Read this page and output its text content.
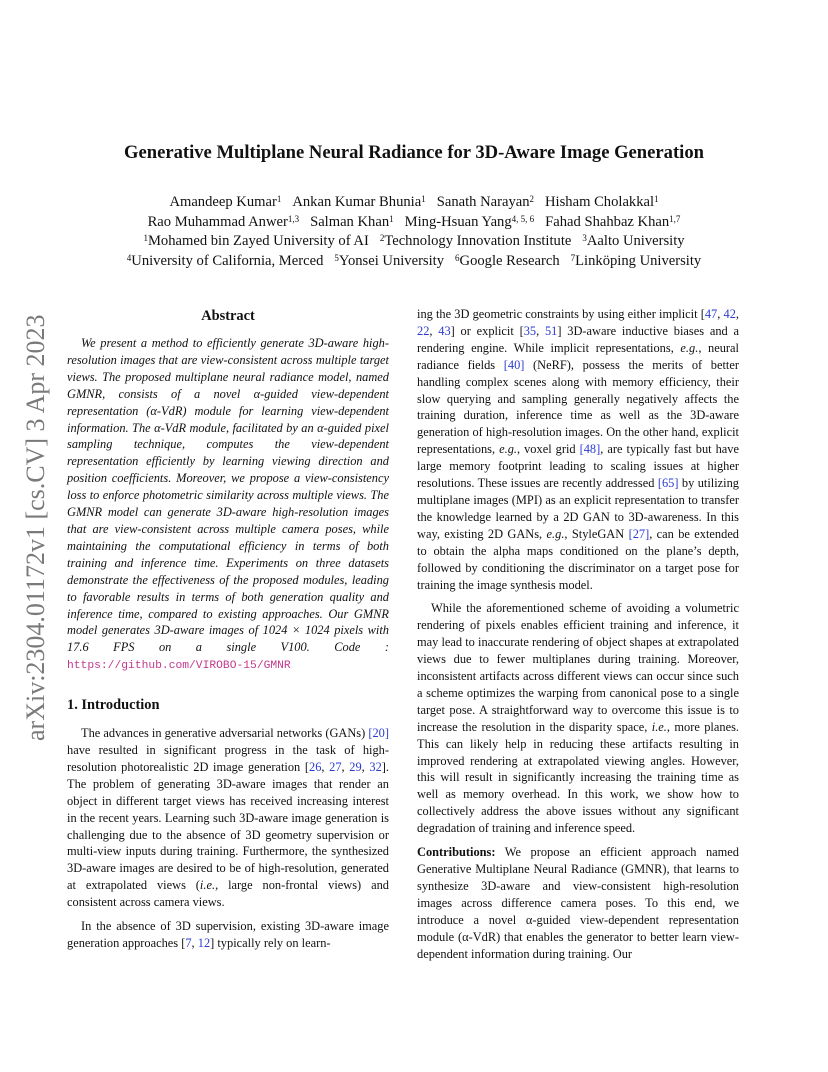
arXiv:2304.01172v1 [cs.CV] 3 Apr 2023
Generative Multiplane Neural Radiance for 3D-Aware Image Generation
Amandeep Kumar$^1$ Ankan Kumar Bhunia$^1$ Sanath Narayan$^2$ Hisham Cholakkal$^1$
Rao Muhammad Anwer$^{1,3}$ Salman Khan$^1$ Ming-Hsuan Yang$^{4, 5, 6}$ Fahad Shahbaz Khan$^{1,7}$
$^1$Mohamed bin Zayed University of AI $^2$Technology Innovation Institute $^3$Aalto University
$^4$University of California, Merced $^5$Yonsei University $^6$Google Research $^7$Linköping University
Abstract

We present a method to efficiently generate 3D-aware high-resolution images that are view-consistent across multiple target views. The proposed multiplane neural radiance model, named GMNR, consists of a novel α-guided view-dependent representation (α-VdR) module for learning view-dependent information. The α-VdR module, facilitated by an α-guided pixel sampling technique, computes the view-dependent representation efficiently by learning viewing direction and position coefficients. Moreover, we propose a view-consistency loss to enforce photometric similarity across multiple views. The GMNR model can generate 3D-aware high-resolution images that are view-consistent across multiple camera poses, while maintaining the computational efficiency in terms of both training and inference time. Experiments on three datasets demonstrate the effectiveness of the proposed modules, leading to favorable results in terms of both generation quality and inference time, compared to existing approaches. Our GMNR model generates 3D-aware images of 1024 × 1024 pixels with 17.6 FPS on a single V100. Code : https://github.com/VIROBO-15/GMNR

1. Introduction

The advances in generative adversarial networks (GANs) [20] have resulted in significant progress in the task of high-resolution photorealistic 2D image generation [26, 27, 29, 32]. The problem of generating 3D-aware images that render an object in different target views has received increasing interest in the recent years. Learning such 3D-aware image generation is challenging due to the absence of 3D geometry supervision or multi-view inputs during training. Furthermore, the synthesized 3D-aware images are desired to be of high-resolution, generated at extrapolated views (i.e., large non-frontal views) and consistent across camera views.

In the absence of 3D supervision, existing 3D-aware image generation approaches [7, 12] typically rely on learn-

ing the 3D geometric constraints by using either implicit [47, 42, 22, 43] or explicit [35, 51] 3D-aware inductive biases and a rendering engine. While implicit representations, e.g., neural radiance fields [40] (NeRF), possess the merits of better handling complex scenes along with memory efficiency, their slow querying and sampling generally negatively affects the training duration, inference time as well as the 3D-aware generation of high-resolution images. On the other hand, explicit representations, e.g., voxel grid [48], are typically fast but have large memory footprint leading to scaling issues at higher resolutions. These issues are recently addressed [65] by utilizing multiplane images (MPI) as an explicit representation to transfer the knowledge learned by a 2D GAN to 3D-awareness. In this way, existing 2D GANs, e.g., StyleGAN [27], can be extended to obtain the alpha maps conditioned on the plane’s depth, followed by conditioning the discriminator on a target pose for training the image synthesis model.

While the aforementioned scheme of avoiding a volumetric rendering of pixels enables efficient training and inference, it may lead to inaccurate rendering of object shapes at extrapolated views due to fewer multiplanes during training. Moreover, inconsistent artifacts across different views can occur since such a scheme optimizes the warping from canonical pose to a single target pose. A straightforward way to overcome this issue is to increase the resolution in the disparity space, i.e., more planes. This can likely help in reducing these artifacts resulting in improved rendering at extrapolated viewing angles. However, this will result in significantly increasing the training time as well as memory overhead. In this work, we show how to collectively address the above issues without any significant degradation of training and inference speed.

Contributions: We propose an efficient approach named Generative Multiplane Neural Radiance (GMNR), that learns to synthesize 3D-aware and view-consistent high-resolution images across difference camera poses. To this end, we introduce a novel α-guided view-dependent representation module (α-VdR) that enables the generator to better learn view-dependent information during training. Our
